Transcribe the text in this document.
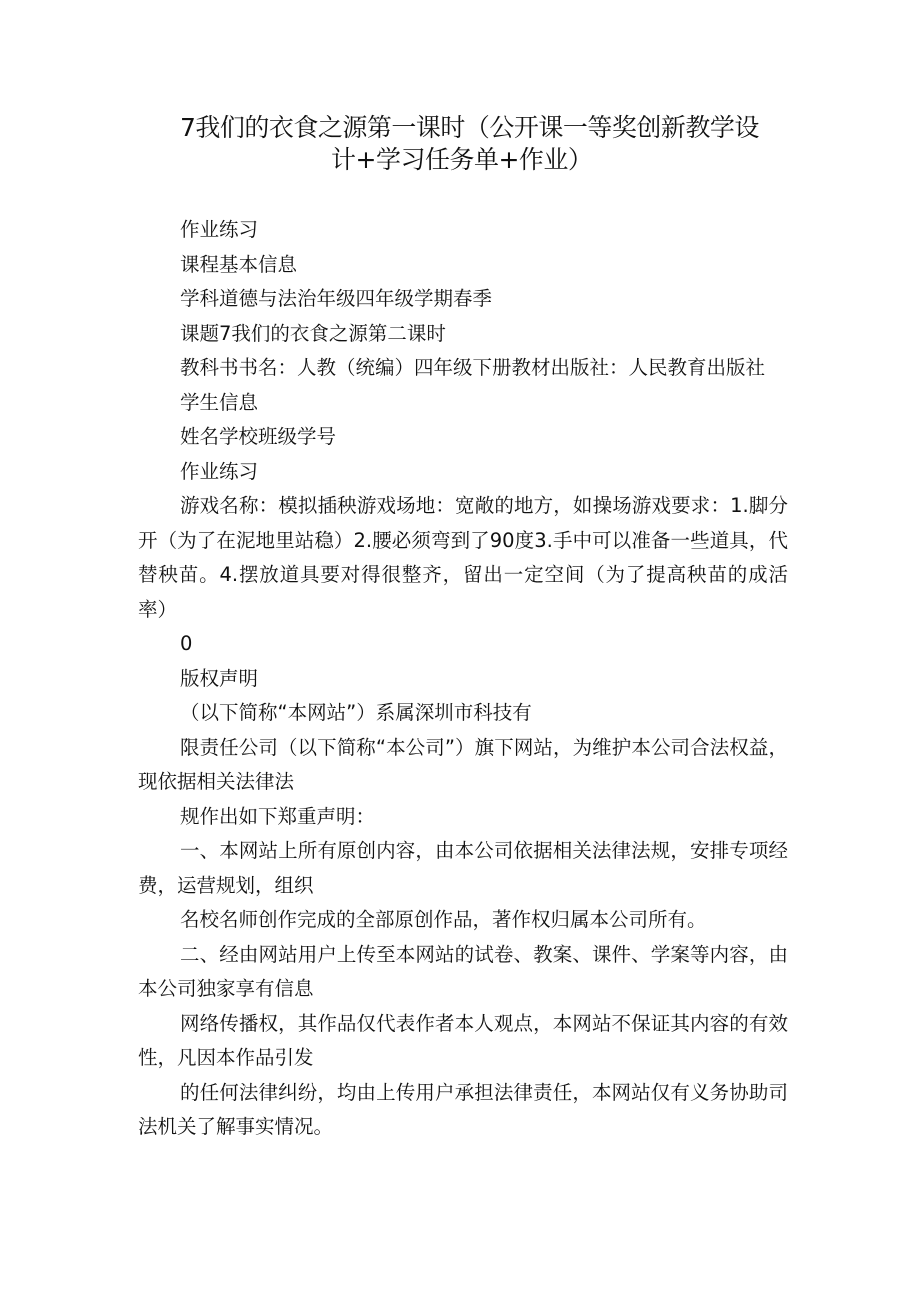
7我们的衣食之源第一课时（公开课一等奖创新教学设
计+学习任务单+作业）

作业练习

课程基本信息

学科道德与法治年级四年级学期春季

课题7我们的衣食之源第二课时

教科书书名：人教（统编）四年级下册教材出版社：人民教育出版社

学生信息

姓名学校班级学号

作业练习

游戏名称：模拟插秧游戏场地：宽敞的地方，如操场游戏要求：1.脚分开（为了在泥地里站稳）2.腰必须弯到了90度3.手中可以准备一些道具，代替秧苗。4.摆放道具要对得很整齐，留出一定空间（为了提高秧苗的成活率）

0

版权声明

（以下简称“本网站”）系属深圳市科技有

限责任公司（以下简称“本公司”）旗下网站，为维护本公司合法权益，现依据相关法律法

规作出如下郑重声明：

一、本网站上所有原创内容，由本公司依据相关法律法规，安排专项经费，运营规划，组织

名校名师创作完成的全部原创作品，著作权归属本公司所有。

二、经由网站用户上传至本网站的试卷、教案、课件、学案等内容，由本公司独家享有信息

网络传播权，其作品仅代表作者本人观点，本网站不保证其内容的有效性，凡因本作品引发

的任何法律纠纷，均由上传用户承担法律责任，本网站仅有义务协助司法机关了解事实情况。
